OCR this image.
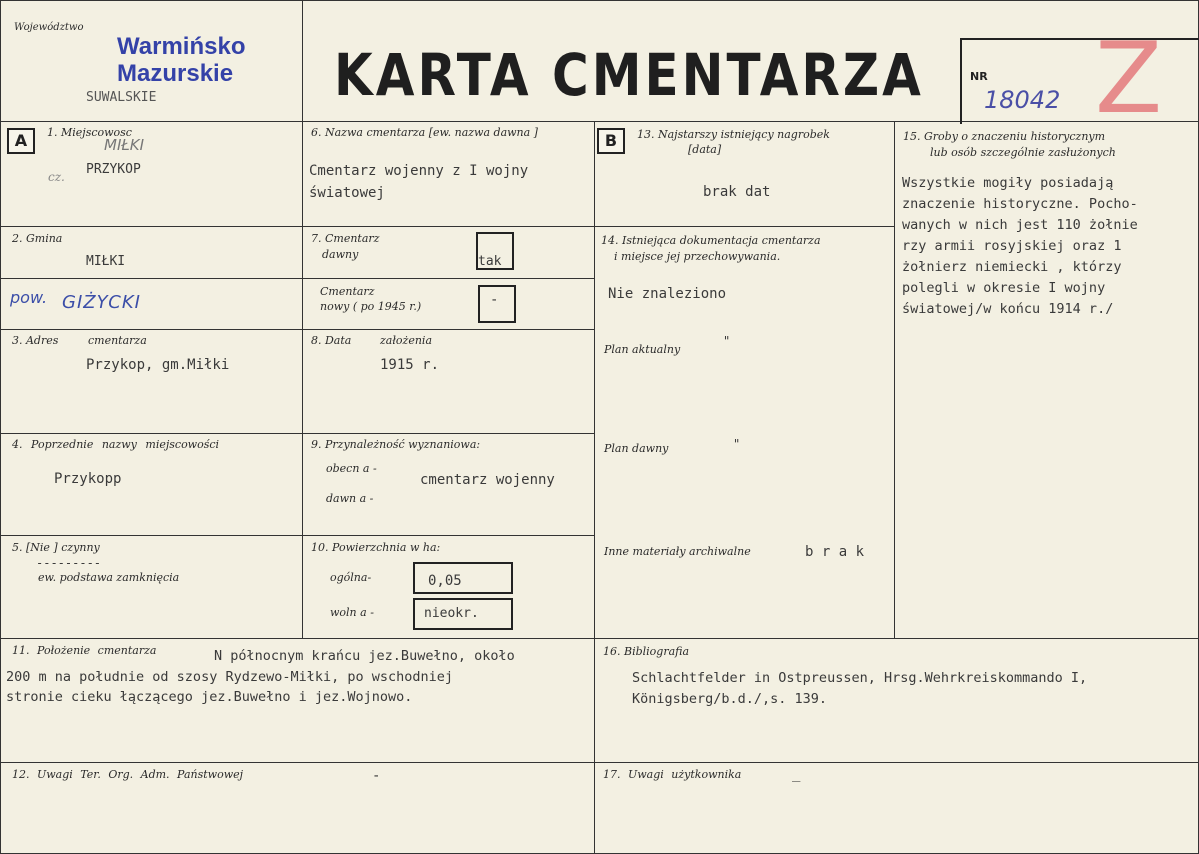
Województwo
Warmińsko
Mazurskie
SUWALSKIE	KARTA CMENTARZA	NR
18042 Z
A	1. Miejscowosc
MIŁKI
cz. PRZYKOP
2. Gmina
MIŁKI
pow. GIŻYCKI
3. Adres	cmentarza
Przykop, gm.Miłki
4. Poprzednie nazwy miejscowości
Przykopp
5. [Nie ] czynny
---------
ew. podstawa zamknięcia
6. Nazwa cmentarza [ew. nazwa dawna ]
Cmentarz wojenny z I wojny
światowej
7. Cmentarz
dawny	tak
Cmentarz
nowy ( po 1945 r.)	-
8. Data	założenia
1915 r.
9. Przynależność wyznaniowa:
obecn a -
cmentarz wojenny
dawn a -
10. Powierzchnia w ha:
ogólna-	0,05
woln a -	nieokr.
B	13. Najstarszy istniejący nagrobek
[data]
brak dat
14. Istniejąca dokumentacja cmentarza
i miejsce jej przechowywania.
Nie znaleziono
Plan aktualny
"
Plan dawny	"
Inne materiały archiwalne	b r a k
15. Groby o znaczeniu historycznym
lub osób szczególnie zasłużonych
Wszystkie mogiły posiadają
znaczenie historyczne. Pocho-
wanych w nich jest 110 żołnie
rzy armii rosyjskiej oraz 1
żołnierz niemiecki , którzy
polegli w okresie I wojny
światowej/w końcu 1914 r./
11. Położenie cmentarza	N północnym krańcu jez.Buwełno, około
200 m na południe od szosy Rydzewo-Miłki, po wschodniej
stronie cieku łączącego jez.Buwełno i jez.Wojnowo.
16. Bibliografia
Schlachtfelder in Ostpreussen, Hrsg.Wehrkreiskommando I,
Königsberg/b.d./,s. 139.
12. Uwagi Ter. Org. Adm. Państwowej	-	17. Uwagi użytkownika	_
